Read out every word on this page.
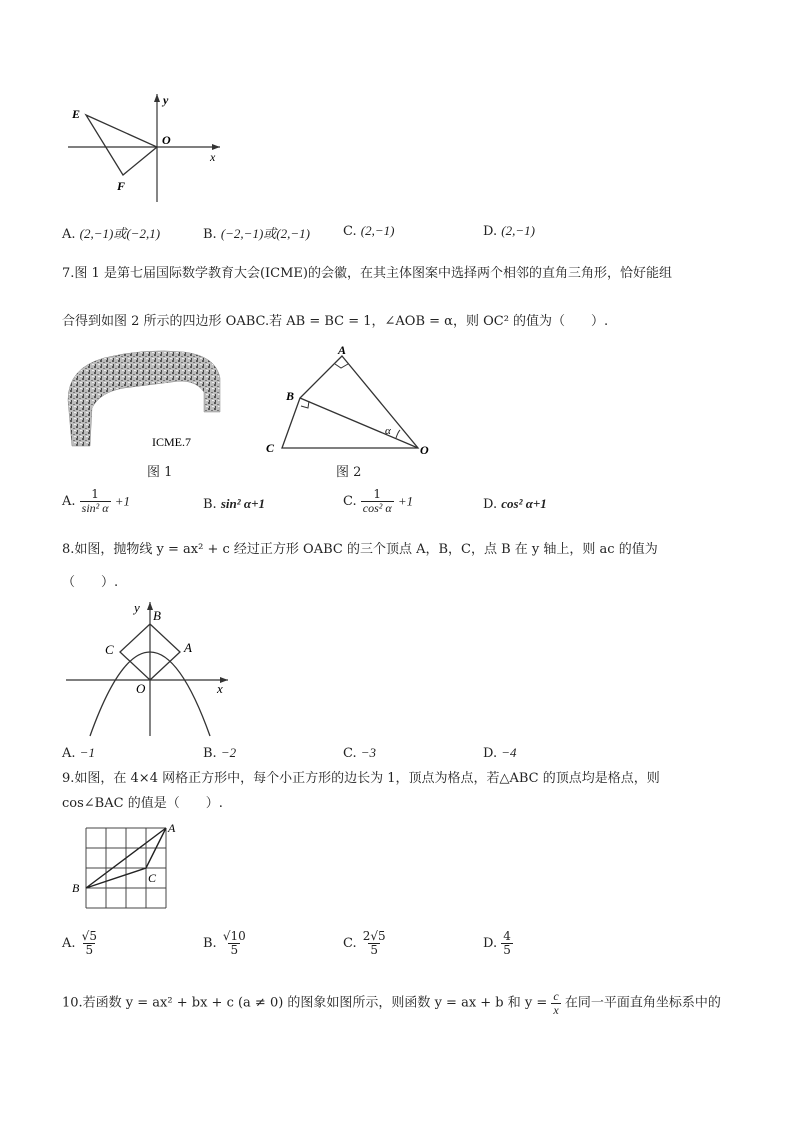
E
F
O
x
y
A. (2,−1)或(−2,1)	B. (−2,−1)或(2,−1)	C. (2,−1)	D. (2,−1)
7.图 1 是第七届国际数学教育大会(ICME)的会徽，在其主体图案中选择两个相邻的直角三角形，恰好能组
合得到如图 2 所示的四边形 OABC.若 AB = BC = 1，∠AOB = α，则 OC² 的值为（　　）.
ICME.7
图 1
A
B
C	O
α
图 2
A. $\frac{1}{\text{sin² α}} +1$	B. sin² α+1	C. $\frac{1}{\text{cos² α}} +1$	D. cos² α+1
8.如图，抛物线 y = ax² + c 经过正方形 OABC 的三个顶点 A，B，C，点 B 在 y 轴上，则 ac 的值为
（　　）.
A
B
C
O	x
y
A. −1	B. −2	C. −3	D. −4
9.如图，在 4×4 网格正方形中，每个小正方形的边长为 1，顶点为格点，若△ABC 的顶点均是格点，则
cos∠BAC 的值是（　　）.
A
B
C
A. $\frac{√5}{5}$	B. $\frac{√10}{5}$	C. $\frac{2√5}{5}$	D. $\frac{4}{5}$
10.若函数 y = ax² + bx + c (a ≠ 0) 的图象如图所示，则函数 y = ax + b 和 $y = \frac{c}{x}$ 在同一平面直角坐标系中的
